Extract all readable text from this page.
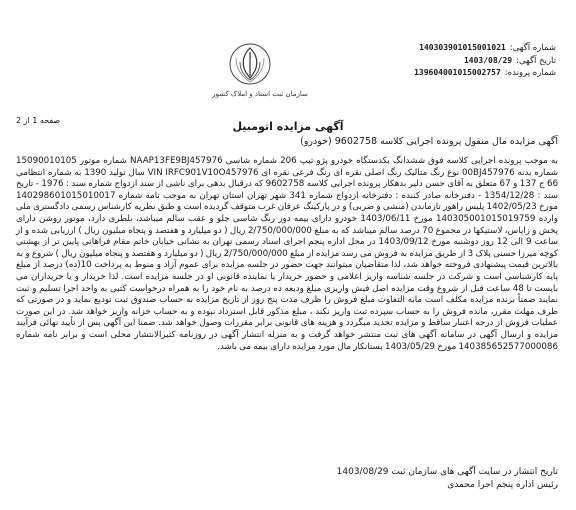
شماره آگهی:
140303901015001021
تاریخ آگهی:
1403/08/29
شماره پرونده:
139604001015002757
سازمان ثبت اسناد و املاک کشور
صفحه 1 از 2	آگهی مزایده اتومبیل
آگهی مزایده مال منقول پرونده اجرایی کلاسه 9602758 (خودرو)
به موجب پرونده اجرایی کلاسه فوق ششدانگ یکدستگاه خودرو پژو تیپ 206 شماره شاسی NAAP13FE9BJ457976 شماره موتور 15090010105 شماره بدنه 00BJ457976 نوع رنگ متالیک رنگ اصلی نقره ای رنگ فرعی نقره ای VIN IRFC901V10O457976 سال تولید 1390 به شماره انتظامی 66 ج 137 و 67 متعلق به آقای حسن دلیر بدهکار پرونده اجرایی کلاسه 9602758 که درقبال بدهی برای ناشی از سند ازدواج شماره سند : 1976 - تاریخ سند : 1354/12/28 - دفترخانه صادر کننده : دفترخانه ازدواج شماره 341 شهر تهران استان تهران به موجب نامه شماره 140298601015010017 مورخ 1402/05/23 پلیس راهور تازماندن (منشی و ضربی) و در پارکینگ عرفان غرب متوقف گردیده است و طبق نظریه کارشناس رسمی دادگستری ملی وارده 140305001015019759 مورخ 1403/06/11 خودرو دارای بیمه دور رنگ شاسی جلو و عقب سالم میباشد، بلطری دارد، موتور روشن دارای پخش و زاپاس، لاستیکها در مجموع 70 درصد سالم میباشد که به مبلغ 2/750/000/000 ریال ( دو میلیارد و هفتصد و پنجاه میلیون ریال ) ارزیابی شده و از ساعت 9 الی 12 روز دوشنبه مورخ 1403/09/12 در محل اداره پنجم اجرای اسناد رسمی تهران به نشانی خیابان خاتم مقام فراهانی پایین تر از بهشتی کوچه میرزا حسنی پلاک 3 از طریق مزایده به فروش می رسد مزایده از مبلغ 2/750/000/000 ریال ( دو میلیارد و هفتصد و پنجاه میلیون ریال ) شروع و به بالاترین قیمت پیشنهادی فروخته خواهد شد، لذا متقاضیان میتوانند جهت حضور در جلسه مزایده برای عموم آزاد و منوط به پرداخت 10(ده) درصد از مبلغ پایه کارشناسی است و شرکت در جلسه شناسه واریز اعلامی و حضور خریدار یا نماینده قانونی او در جلسه مزایده است. لذا خریدار و یا خریداران می بایست تا 48 ساعت قبل از شروع وقت مزایده اصل فیش واریزی مبلغ ودیعه ده درصد به نام خود را به همراه درخواست کتبی به واحد اجرا تسلیم و ثبت نمایند ضمناً برنده مزایده مکلف است مابه التفاوت مبلغ فروش را ظرف مدت پنج روز از تاریخ مزایده به حساب صندوق ثبت تودیع نماید و در صورتی که ظرف مهلت مقرر، مانده فروش را به حساب سپرده ثبت واریز نکند ، مبلغ مذکور قابل استرداد نبوده و به حساب خزانه واریز خواهد شد. در این صورت عملیات فروش از درجه اعتبار ساقط و مزایده تجدید میگردد و هزینه های قانونی برابر مقررات وصول خواهد شد. ضمنا این آگهی پس از تأیید نهائی فرآیند مزایده و ارسال آگهی در سامانه آگهی های ثبت منتشر خواهد گرفت و به منزله انتشار آگهی در روزنامه کثیرالانتشار محلی است و برابر نامه شماره 140385652577000086 مورخ 1403/05/29 بستانکار مال مورد مزایده دارای بیمه می باشد.
تاریخ انتشار در سایت آگهی های سازمان ثبت 1403/08/29
رئیس اداره پنجم اجرا محمدی
